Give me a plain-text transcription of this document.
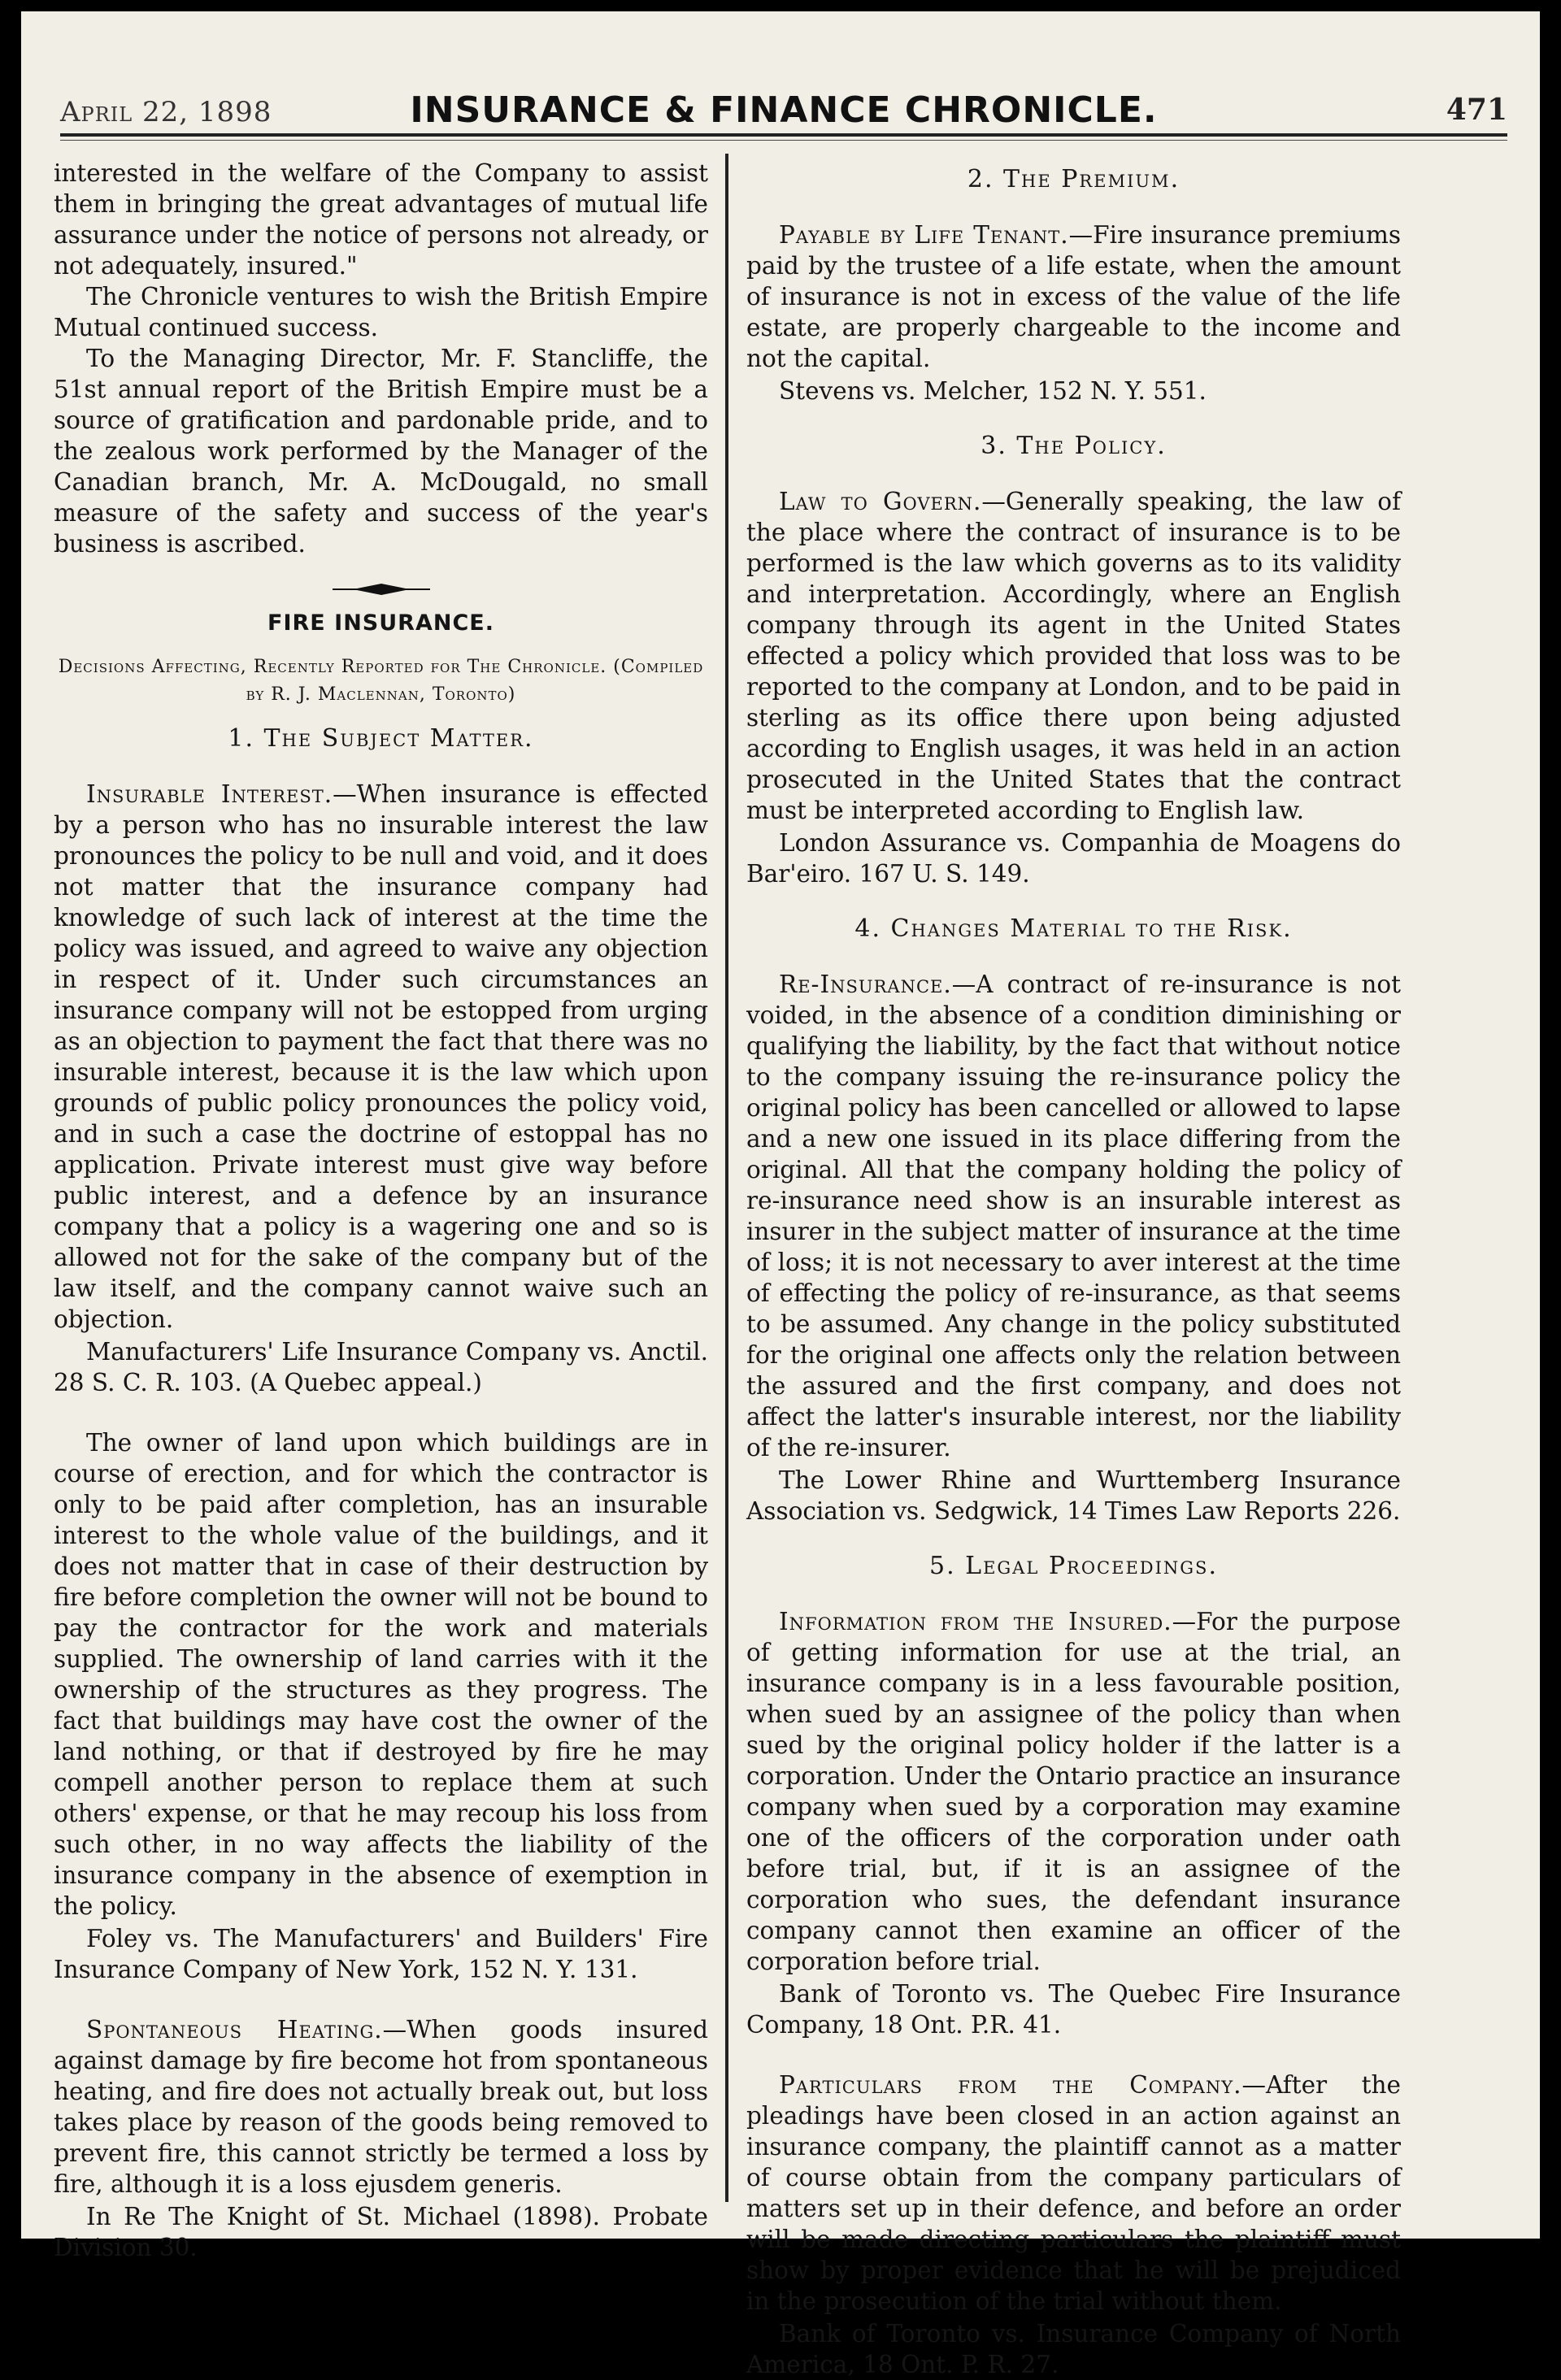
April 22, 1898	INSURANCE & FINANCE CHRONICLE.	471

interested in the welfare of the Company to assist them in bringing the great advantages of mutual life assurance under the notice of persons not already, or not adequately, insured."

The Chronicle ventures to wish the British Empire Mutual continued success.

To the Managing Director, Mr. F. Stancliffe, the 51st annual report of the British Empire must be a source of gratification and pardonable pride, and to the zealous work performed by the Manager of the Canadian branch, Mr. A. McDougald, no small measure of the safety and success of the year's business is ascribed.

FIRE INSURANCE.
Decisions Affecting, Recently Reported for The Chronicle. (Compiled by R. J. Maclennan, Toronto)
1. The Subject Matter.

Insurable Interest.—When insurance is effected by a person who has no insurable interest the law pronounces the policy to be null and void, and it does not matter that the insurance company had knowledge of such lack of interest at the time the policy was issued, and agreed to waive any objection in respect of it. Under such circumstances an insurance company will not be estopped from urging as an objection to payment the fact that there was no insurable interest, because it is the law which upon grounds of public policy pronounces the policy void, and in such a case the doctrine of estoppal has no application. Private interest must give way before public interest, and a defence by an insurance company that a policy is a wagering one and so is allowed not for the sake of the company but of the law itself, and the company cannot waive such an objection.

Manufacturers' Life Insurance Company vs. Anctil. 28 S. C. R. 103. (A Quebec appeal.)

The owner of land upon which buildings are in course of erection, and for which the contractor is only to be paid after completion, has an insurable interest to the whole value of the buildings, and it does not matter that in case of their destruction by fire before completion the owner will not be bound to pay the contractor for the work and materials supplied. The ownership of land carries with it the ownership of the structures as they progress. The fact that buildings may have cost the owner of the land nothing, or that if destroyed by fire he may compell another person to replace them at such others' expense, or that he may recoup his loss from such other, in no way affects the liability of the insurance company in the absence of exemption in the policy.

Foley vs. The Manufacturers' and Builders' Fire Insurance Company of New York, 152 N. Y. 131.

Spontaneous Heating.—When goods insured against damage by fire become hot from spontaneous heating, and fire does not actually break out, but loss takes place by reason of the goods being removed to prevent fire, this cannot strictly be termed a loss by fire, although it is a loss ejusdem generis.

In Re The Knight of St. Michael (1898). Probate Division 30.

2. The Premium.

Payable by Life Tenant.—Fire insurance premiums paid by the trustee of a life estate, when the amount of insurance is not in excess of the value of the life estate, are properly chargeable to the income and not the capital.

Stevens vs. Melcher, 152 N. Y. 551.

3. The Policy.

Law to Govern.—Generally speaking, the law of the place where the contract of insurance is to be performed is the law which governs as to its validity and interpretation. Accordingly, where an English company through its agent in the United States effected a policy which provided that loss was to be reported to the company at London, and to be paid in sterling as its office there upon being adjusted according to English usages, it was held in an action prosecuted in the United States that the contract must be interpreted according to English law.

London Assurance vs. Companhia de Moagens do Bar'eiro. 167 U. S. 149.

4. Changes Material to the Risk.

Re-Insurance.—A contract of re-insurance is not voided, in the absence of a condition diminishing or qualifying the liability, by the fact that without notice to the company issuing the re-insurance policy the original policy has been cancelled or allowed to lapse and a new one issued in its place differing from the original. All that the company holding the policy of re-insurance need show is an insurable interest as insurer in the subject matter of insurance at the time of loss; it is not necessary to aver interest at the time of effecting the policy of re-insurance, as that seems to be assumed. Any change in the policy substituted for the original one affects only the relation between the assured and the first company, and does not affect the latter's insurable interest, nor the liability of the re-insurer.

The Lower Rhine and Wurttemberg Insurance Association vs. Sedgwick, 14 Times Law Reports 226.

5. Legal Proceedings.

Information from the Insured.—For the purpose of getting information for use at the trial, an insurance company is in a less favourable position, when sued by an assignee of the policy than when sued by the original policy holder if the latter is a corporation. Under the Ontario practice an insurance company when sued by a corporation may examine one of the officers of the corporation under oath before trial, but, if it is an assignee of the corporation who sues, the defendant insurance company cannot then examine an officer of the corporation before trial.

Bank of Toronto vs. The Quebec Fire Insurance Company, 18 Ont. P.R. 41.

Particulars from the Company.—After the pleadings have been closed in an action against an insurance company, the plaintiff cannot as a matter of course obtain from the company particulars of matters set up in their defence, and before an order will be made directing particulars the plaintiff must show by proper evidence that he will be prejudiced in the prosecution of the trial without them.

Bank of Toronto vs. Insurance Company of North America, 18 Ont. P. R. 27.
